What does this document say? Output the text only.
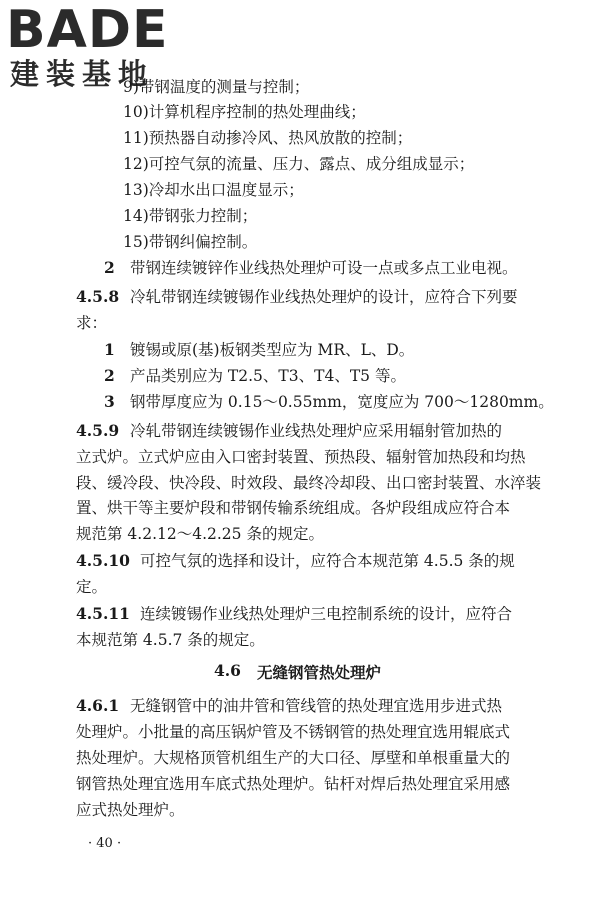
BADE
建装基地
9)带钢温度的测量与控制；
10)计算机程序控制的热处理曲线；
11)预热器自动掺冷风、热风放散的控制；
12)可控气氛的流量、压力、露点、成分组成显示；
13)冷却水出口温度显示；
14)带钢张力控制；
15)带钢纠偏控制。
2 带钢连续镀锌作业线热处理炉可设一点或多点工业电视。
4.5.8 冷轧带钢连续镀锡作业线热处理炉的设计，应符合下列要
求：
1 镀锡或原(基)板钢类型应为 MR、L、D。
2 产品类别应为 T2.5、T3、T4、T5 等。
3 钢带厚度应为 0.15～0.55mm，宽度应为 700～1280mm。
4.5.9 冷轧带钢连续镀锡作业线热处理炉应采用辐射管加热的
立式炉。立式炉应由入口密封装置、预热段、辐射管加热段和均热
段、缓冷段、快冷段、时效段、最终冷却段、出口密封装置、水淬装
置、烘干等主要炉段和带钢传输系统组成。各炉段组成应符合本
规范第 4.2.12～4.2.25 条的规定。
4.5.10 可控气氛的选择和设计，应符合本规范第 4.5.5 条的规
定。
4.5.11 连续镀锡作业线热处理炉三电控制系统的设计，应符合
本规范第 4.5.7 条的规定。
4.6 无缝钢管热处理炉
4.6.1 无缝钢管中的油井管和管线管的热处理宜选用步进式热
处理炉。小批量的高压锅炉管及不锈钢管的热处理宜选用辊底式
热处理炉。大规格顶管机组生产的大口径、厚壁和单根重量大的
钢管热处理宜选用车底式热处理炉。钻杆对焊后热处理宜采用感
应式热处理炉。
· 40 ·
